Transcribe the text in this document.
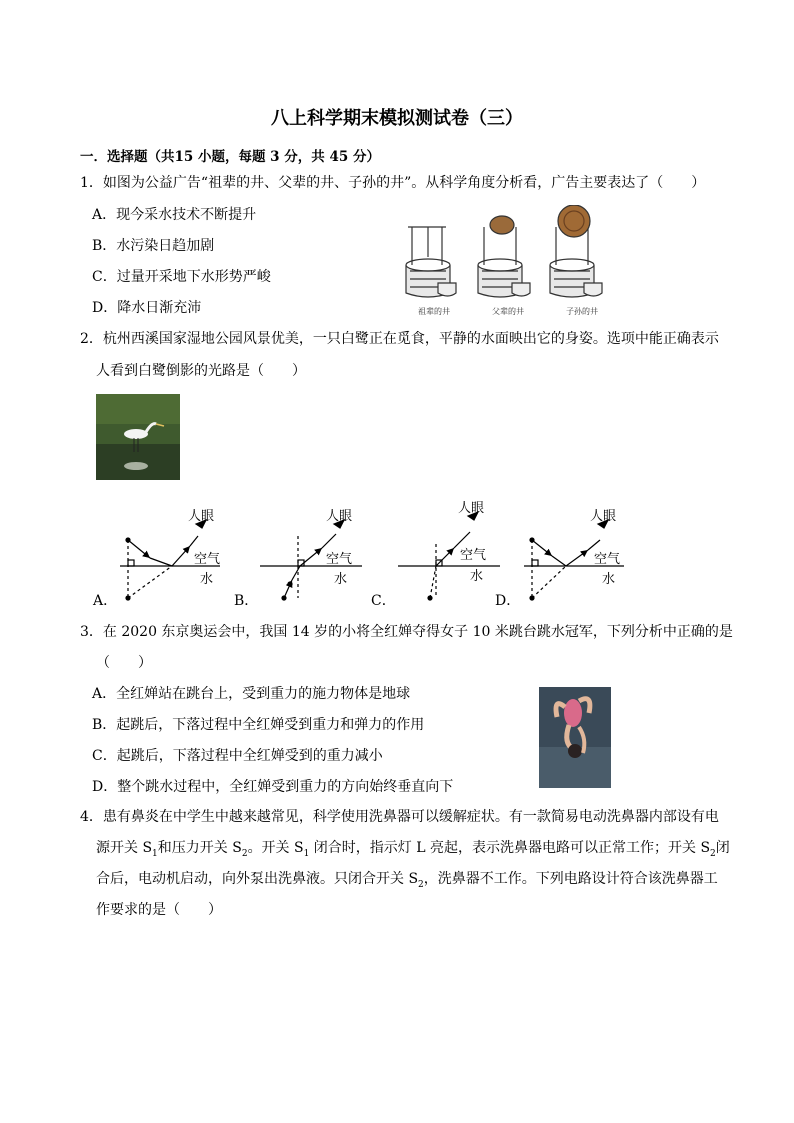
八上科学期末模拟测试卷（三）
一．选择题（共15 小题，每题 3 分，共 45 分）
1．如图为公益广告“祖辈的井、父辈的井、子孙的井”。从科学角度分析看，广告主要表达了（　　）
A．现今采水技术不断提升
B．水污染日趋加剧
C．过量开采地下水形势严峻
D．降水日渐充沛	祖辈的井	父辈的井	子孙的井
2．杭州西溪国家湿地公园风景优美，一只白鹭正在觅食，平静的水面映出它的身姿。选项中能正确表示
人看到白鹭倒影的光路是（　　）
人眼
空气
水
人眼
空气
水
人眼
空气
水
人眼
空气
水
A．	B．	C．	D．
3．在 2020 东京奥运会中，我国 14 岁的小将全红婵夺得女子 10 米跳台跳水冠军，下列分析中正确的是
（　　）
A．全红婵站在跳台上，受到重力的施力物体是地球
B．起跳后，下落过程中全红婵受到重力和弹力的作用
C．起跳后，下落过程中全红婵受到的重力减小
D．整个跳水过程中，全红婵受到重力的方向始终垂直向下
4．患有鼻炎在中学生中越来越常见，科学使用洗鼻器可以缓解症状。有一款简易电动洗鼻器内部设有电
源开关 $S_1$和压力开关 $S_2$。开关 $S_1$ 闭合时，指示灯 L 亮起，表示洗鼻器电路可以正常工作；开关 $S_2$闭
合后，电动机启动，向外泵出洗鼻液。只闭合开关 $S_2$，洗鼻器不工作。下列电路设计符合该洗鼻器工
作要求的是（　　）
